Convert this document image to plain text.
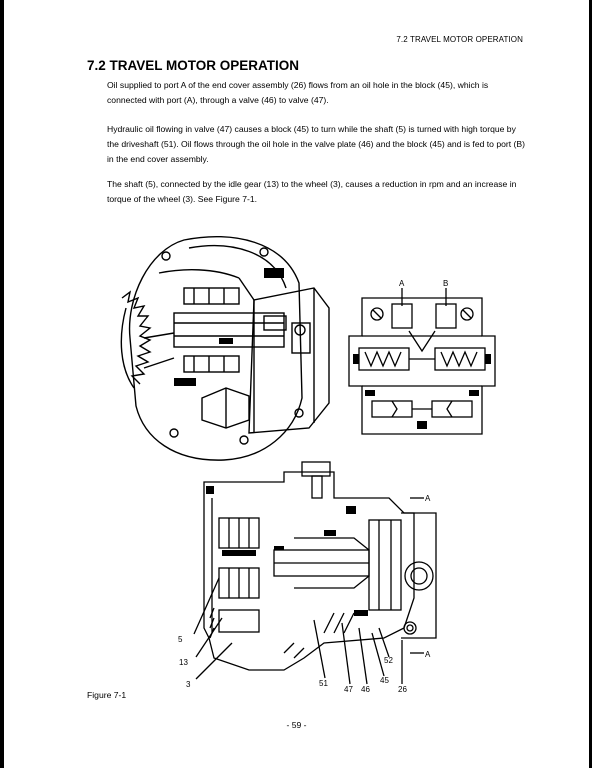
7.2 TRAVEL MOTOR OPERATION
7.2 TRAVEL MOTOR OPERATION

Oil supplied to port A of the end cover assembly (26) flows from an oil hole in the block (45), which is connected with port (A), through a valve (46) to valve (47).

Hydraulic oil flowing in valve (47) causes a block (45) to turn while the shaft (5) is turned with high torque by the driveshaft (51). Oil flows through the oil hole in the valve plate (46) and the block (45) and is fed to port (B) in the end cover assembly.

The shaft (5), connected by the idle gear (13) to the wheel (3), causes a reduction in rpm and an increase in torque of the wheel (3). See Figure 7-1.

A	B
A
A
5
13
3	51
47 46
45
52
26
Figure 7-1
- 59 -
